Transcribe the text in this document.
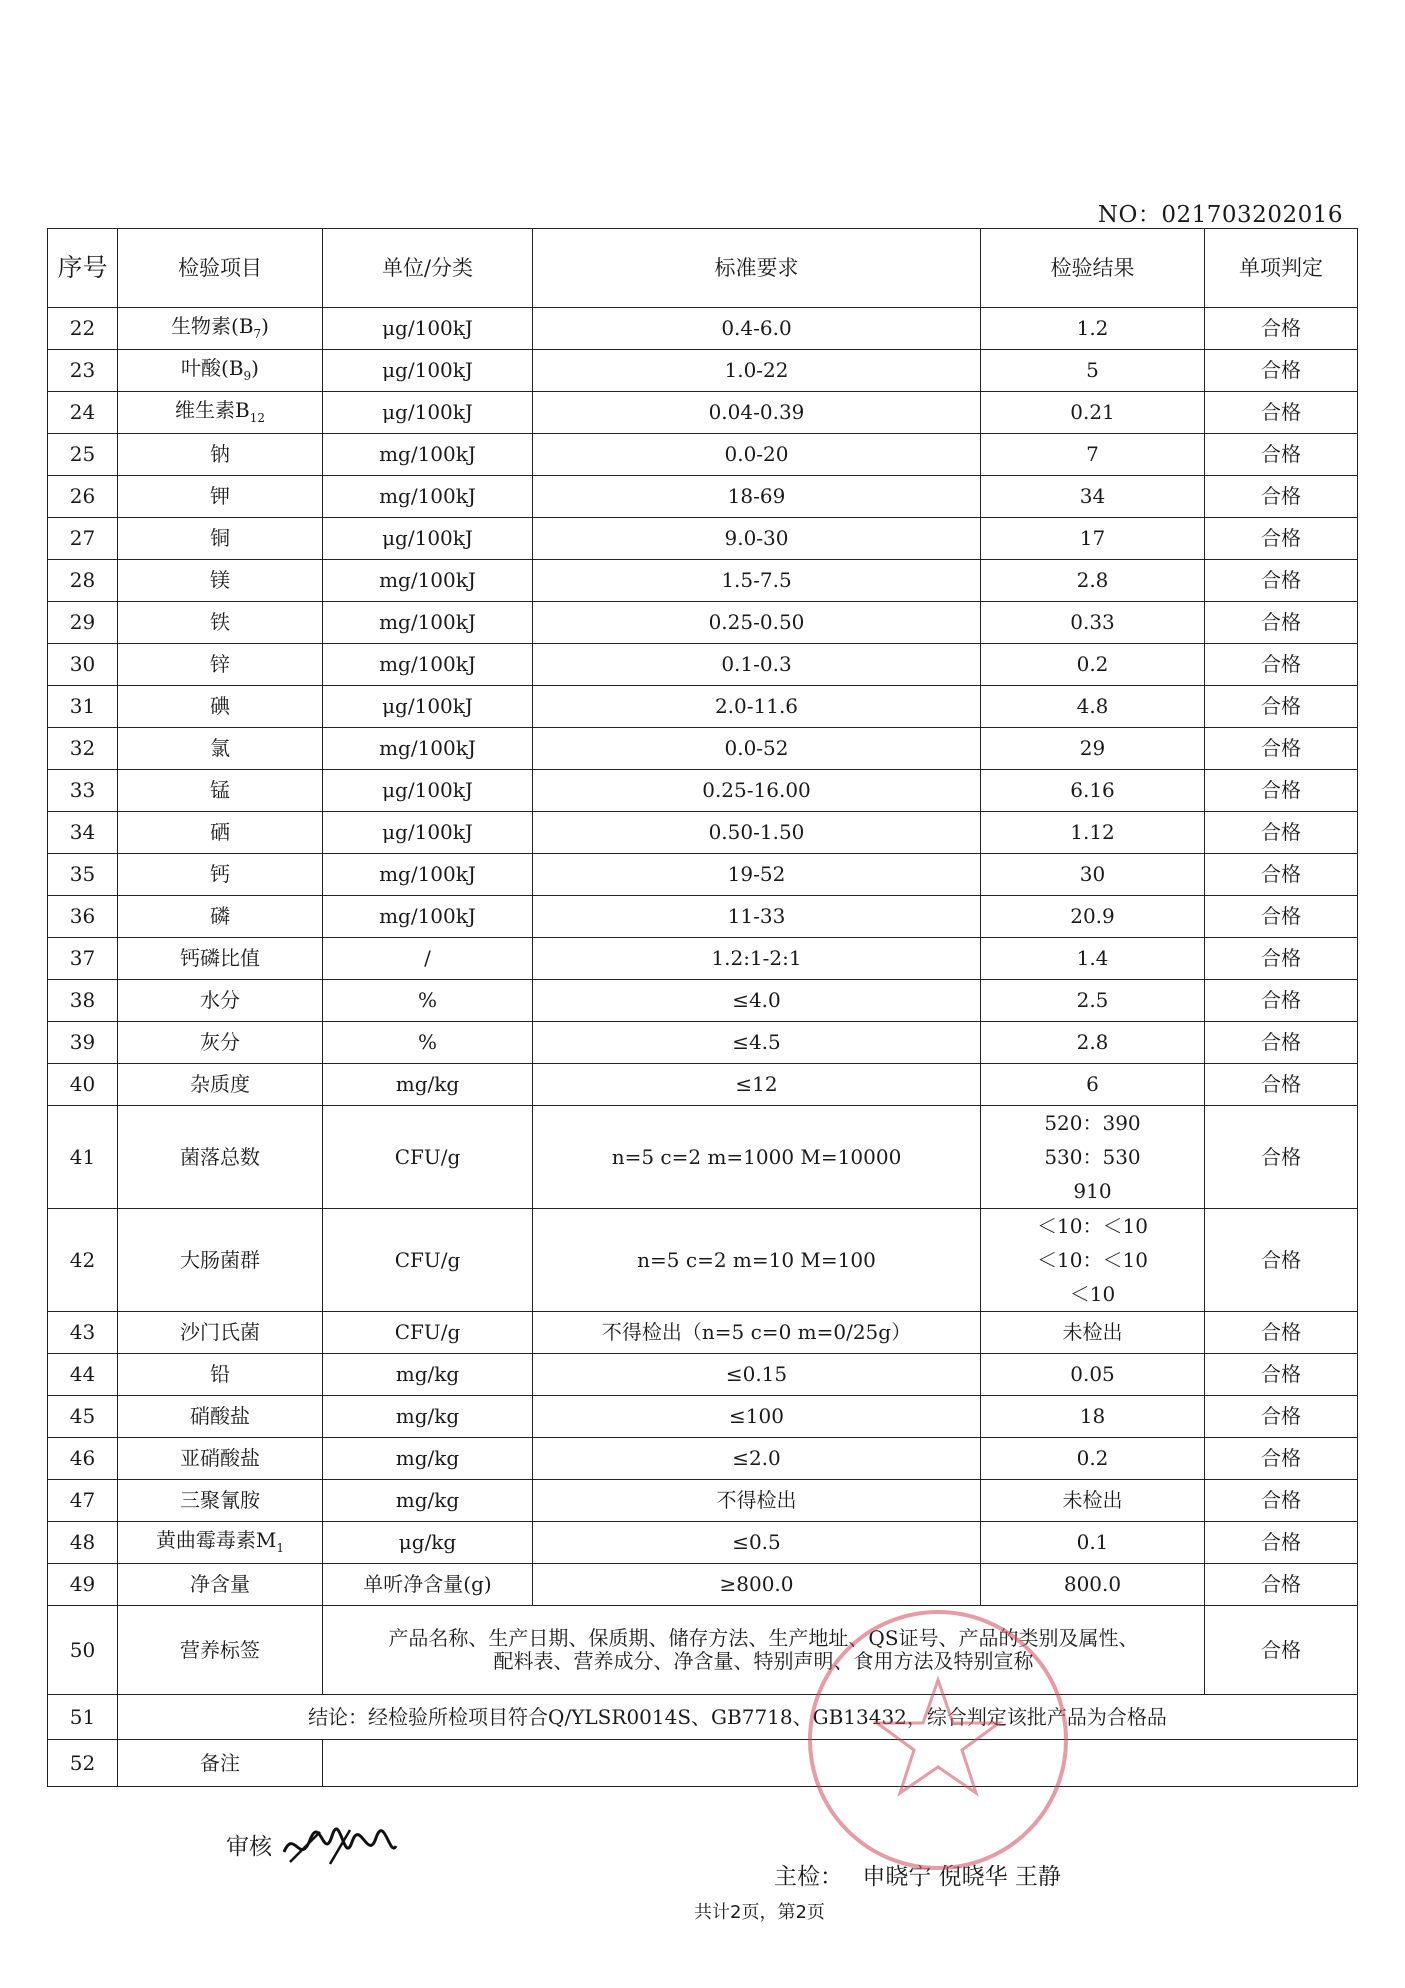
NO：021703202016
序号	检验项目	单位/分类	标准要求	检验结果	单项判定
22	生物素$(B_7)$	μg/100kJ	0.4-6.0	1.2	合格
23	叶酸$(B_9)$	μg/100kJ	1.0-22	5	合格
24	维生素$B_{12}$	μg/100kJ	0.04-0.39	0.21	合格
25	钠	mg/100kJ	0.0-20	7	合格
26	钾	mg/100kJ	18-69	34	合格
27	铜	μg/100kJ	9.0-30	17	合格
28	镁	mg/100kJ	1.5-7.5	2.8	合格
29	铁	mg/100kJ	0.25-0.50	0.33	合格
30	锌	mg/100kJ	0.1-0.3	0.2	合格
31	碘	μg/100kJ	2.0-11.6	4.8	合格
32	氯	mg/100kJ	0.0-52	29	合格
33	锰	μg/100kJ	0.25-16.00	6.16	合格
34	硒	μg/100kJ	0.50-1.50	1.12	合格
35	钙	mg/100kJ	19-52	30	合格
36	磷	mg/100kJ	11-33	20.9	合格
37	钙磷比值	/	1.2:1-2:1	1.4	合格
38	水分	%	≤4.0	2.5	合格
39	灰分	%	≤4.5	2.8	合格
40	杂质度	mg/kg	≤12	6	合格
41	菌落总数	CFU/g	n=5 c=2 m=1000 M=10000	520：390
530：530
910	合格
42	大肠菌群	CFU/g	n=5 c=2 m=10 M=100	＜10：＜10
＜10：＜10
＜10	合格
43	沙门氏菌	CFU/g	不得检出（n=5 c=0 m=0/25g）	未检出	合格
44	铅	mg/kg	≤0.15	0.05	合格
45	硝酸盐	mg/kg	≤100	18	合格
46	亚硝酸盐	mg/kg	≤2.0	0.2	合格
47	三聚氰胺	mg/kg	不得检出	未检出	合格
48	黄曲霉毒素$M_1$	μg/kg	≤0.5	0.1	合格
49	净含量	单听净含量(g)	≥800.0	800.0	合格
50	营养标签	产品名称、生产日期、保质期、储存方法、生产地址、QS证号、产品的类别及属性、
配料表、营养成分、净含量、特别声明、食用方法及特别宣称			合格
51	结论：经检验所检项目符合Q/YLSR0014S、GB7718、GB13432，综合判定该批产品为合格品				
52	备注				
审核
主检： 申晓宁 倪晓华 王静
共计2页，第2页
